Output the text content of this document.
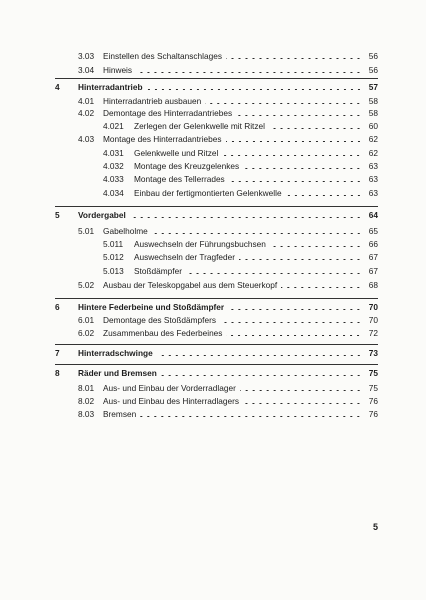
3.03	Einstellen des Schaltanschlages	56
3.04	Hinweis	56
4	Hinterradantrieb	57
4.01	Hinterradantrieb ausbauen	58
4.02	Demontage des Hinterradantriebes	58
4.021	Zerlegen der Gelenkwelle mit Ritzel	60
4.03	Montage des Hinterradantriebes	62
4.031	Gelenkwelle und Ritzel	62
4.032	Montage des Kreuzgelenkes	63
4.033	Montage des Tellerrades	63
4.034	Einbau der fertigmontierten Gelenkwelle	63
5	Vordergabel	64
5.01	Gabelholme	65
5.011	Auswechseln der Führungsbuchsen	66
5.012	Auswechseln der Tragfeder	67
5.013	Stoßdämpfer	67
5.02	Ausbau der Teleskopgabel aus dem Steuerkopf	68
6	Hintere Federbeine und Stoßdämpfer	70
6.01	Demontage des Stoßdämpfers	70
6.02	Zusammenbau des Federbeines	72
7	Hinterradschwinge	73
8	Räder und Bremsen	75
8.01	Aus- und Einbau der Vorderradlager	75
8.02	Aus- und Einbau des Hinterradlagers	76
8.03	Bremsen	76
5
